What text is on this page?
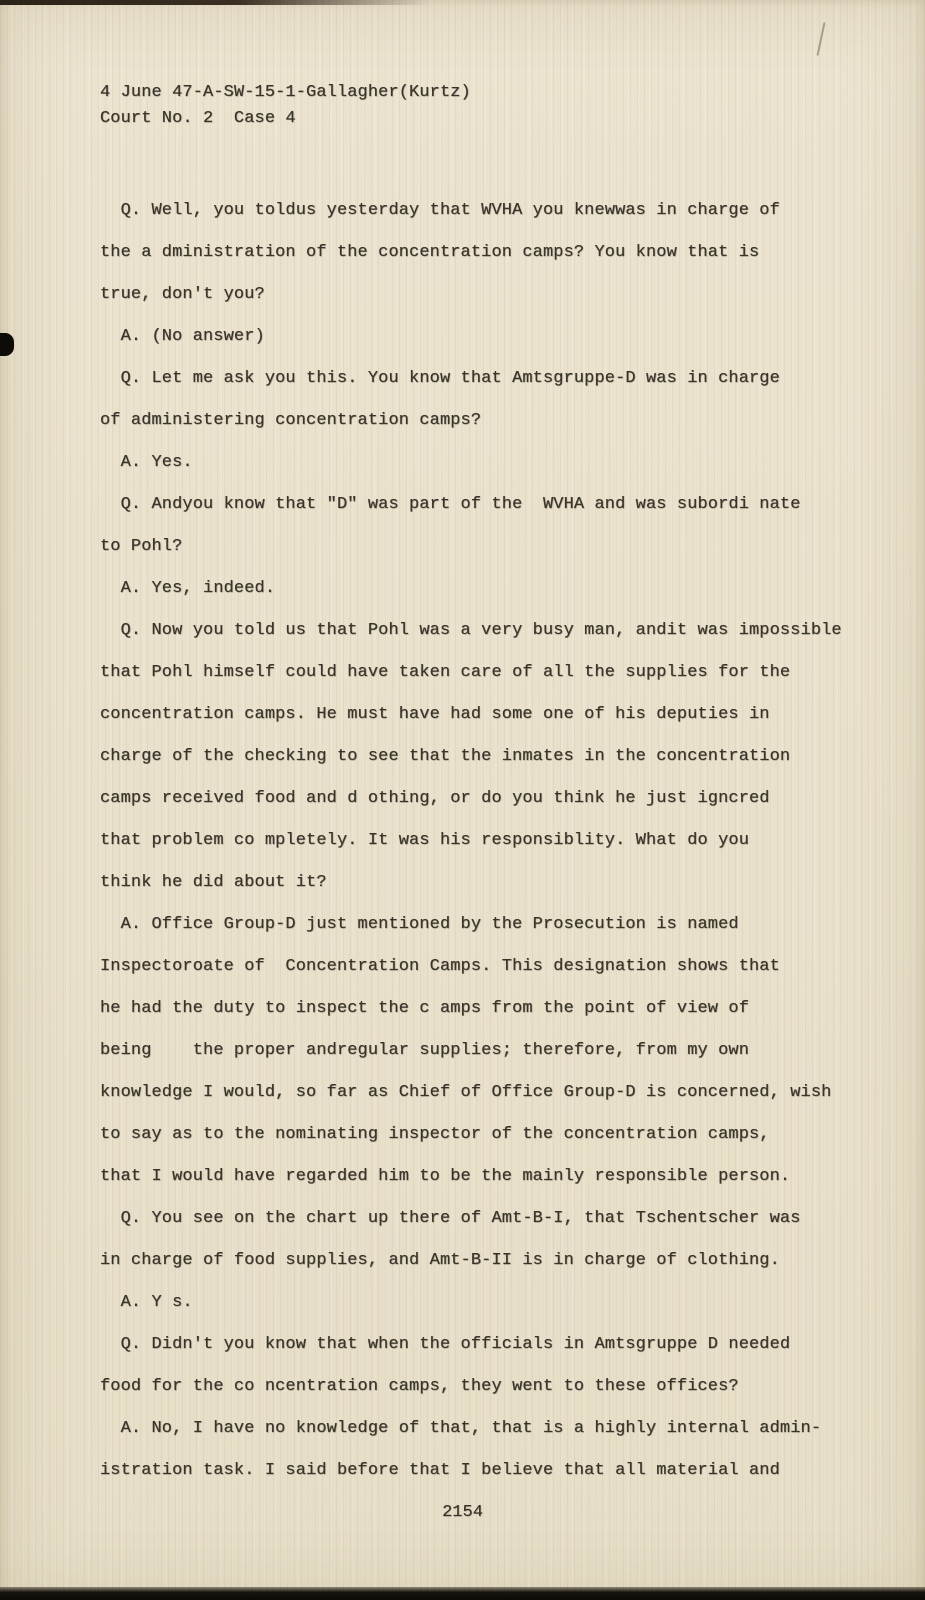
4 June 47-A-SW-15-1-Gallagher(Kurtz)
Court No. 2  Case 4
Q. Well, you toldus yesterday that WVHA you knewwas in charge of
the a dministration of the concentration camps? You know that is
true, don't you?
A. (No answer)
Q. Let me ask you this. You know that Amtsgruppe-D was in charge
of administering concentration camps?
A. Yes.
Q. Andyou know that "D" was part of the  WVHA and was subordi nate
to Pohl?
A. Yes, indeed.
Q. Now you told us that Pohl was a very busy man, andit was impossible
that Pohl himself could have taken care of all the supplies for the
concentration camps. He must have had some one of his deputies in
charge of the checking to see that the inmates in the concentration
camps received food and d othing, or do you think he just igncred
that problem co mpletely. It was his responsiblity. What do you
think he did about it?
A. Office Group-D just mentioned by the Prosecution is named
Inspectoroate of  Concentration Camps. This designation shows that
he had the duty to inspect the c amps from the point of view of
being    the proper andregular supplies; therefore, from my own
knowledge I would, so far as Chief of Office Group-D is concerned, wish
to say as to the nominating inspector of the concentration camps,
that I would have regarded him to be the mainly responsible person.
Q. You see on the chart up there of Amt-B-I, that Tschentscher was
in charge of food supplies, and Amt-B-II is in charge of clothing.
A. Y s.
Q. Didn't you know that when the officials in Amtsgruppe D needed
food for the co ncentration camps, they went to these offices?
A. No, I have no knowledge of that, that is a highly internal admin-
istration task. I said before that I believe that all material and
2154
